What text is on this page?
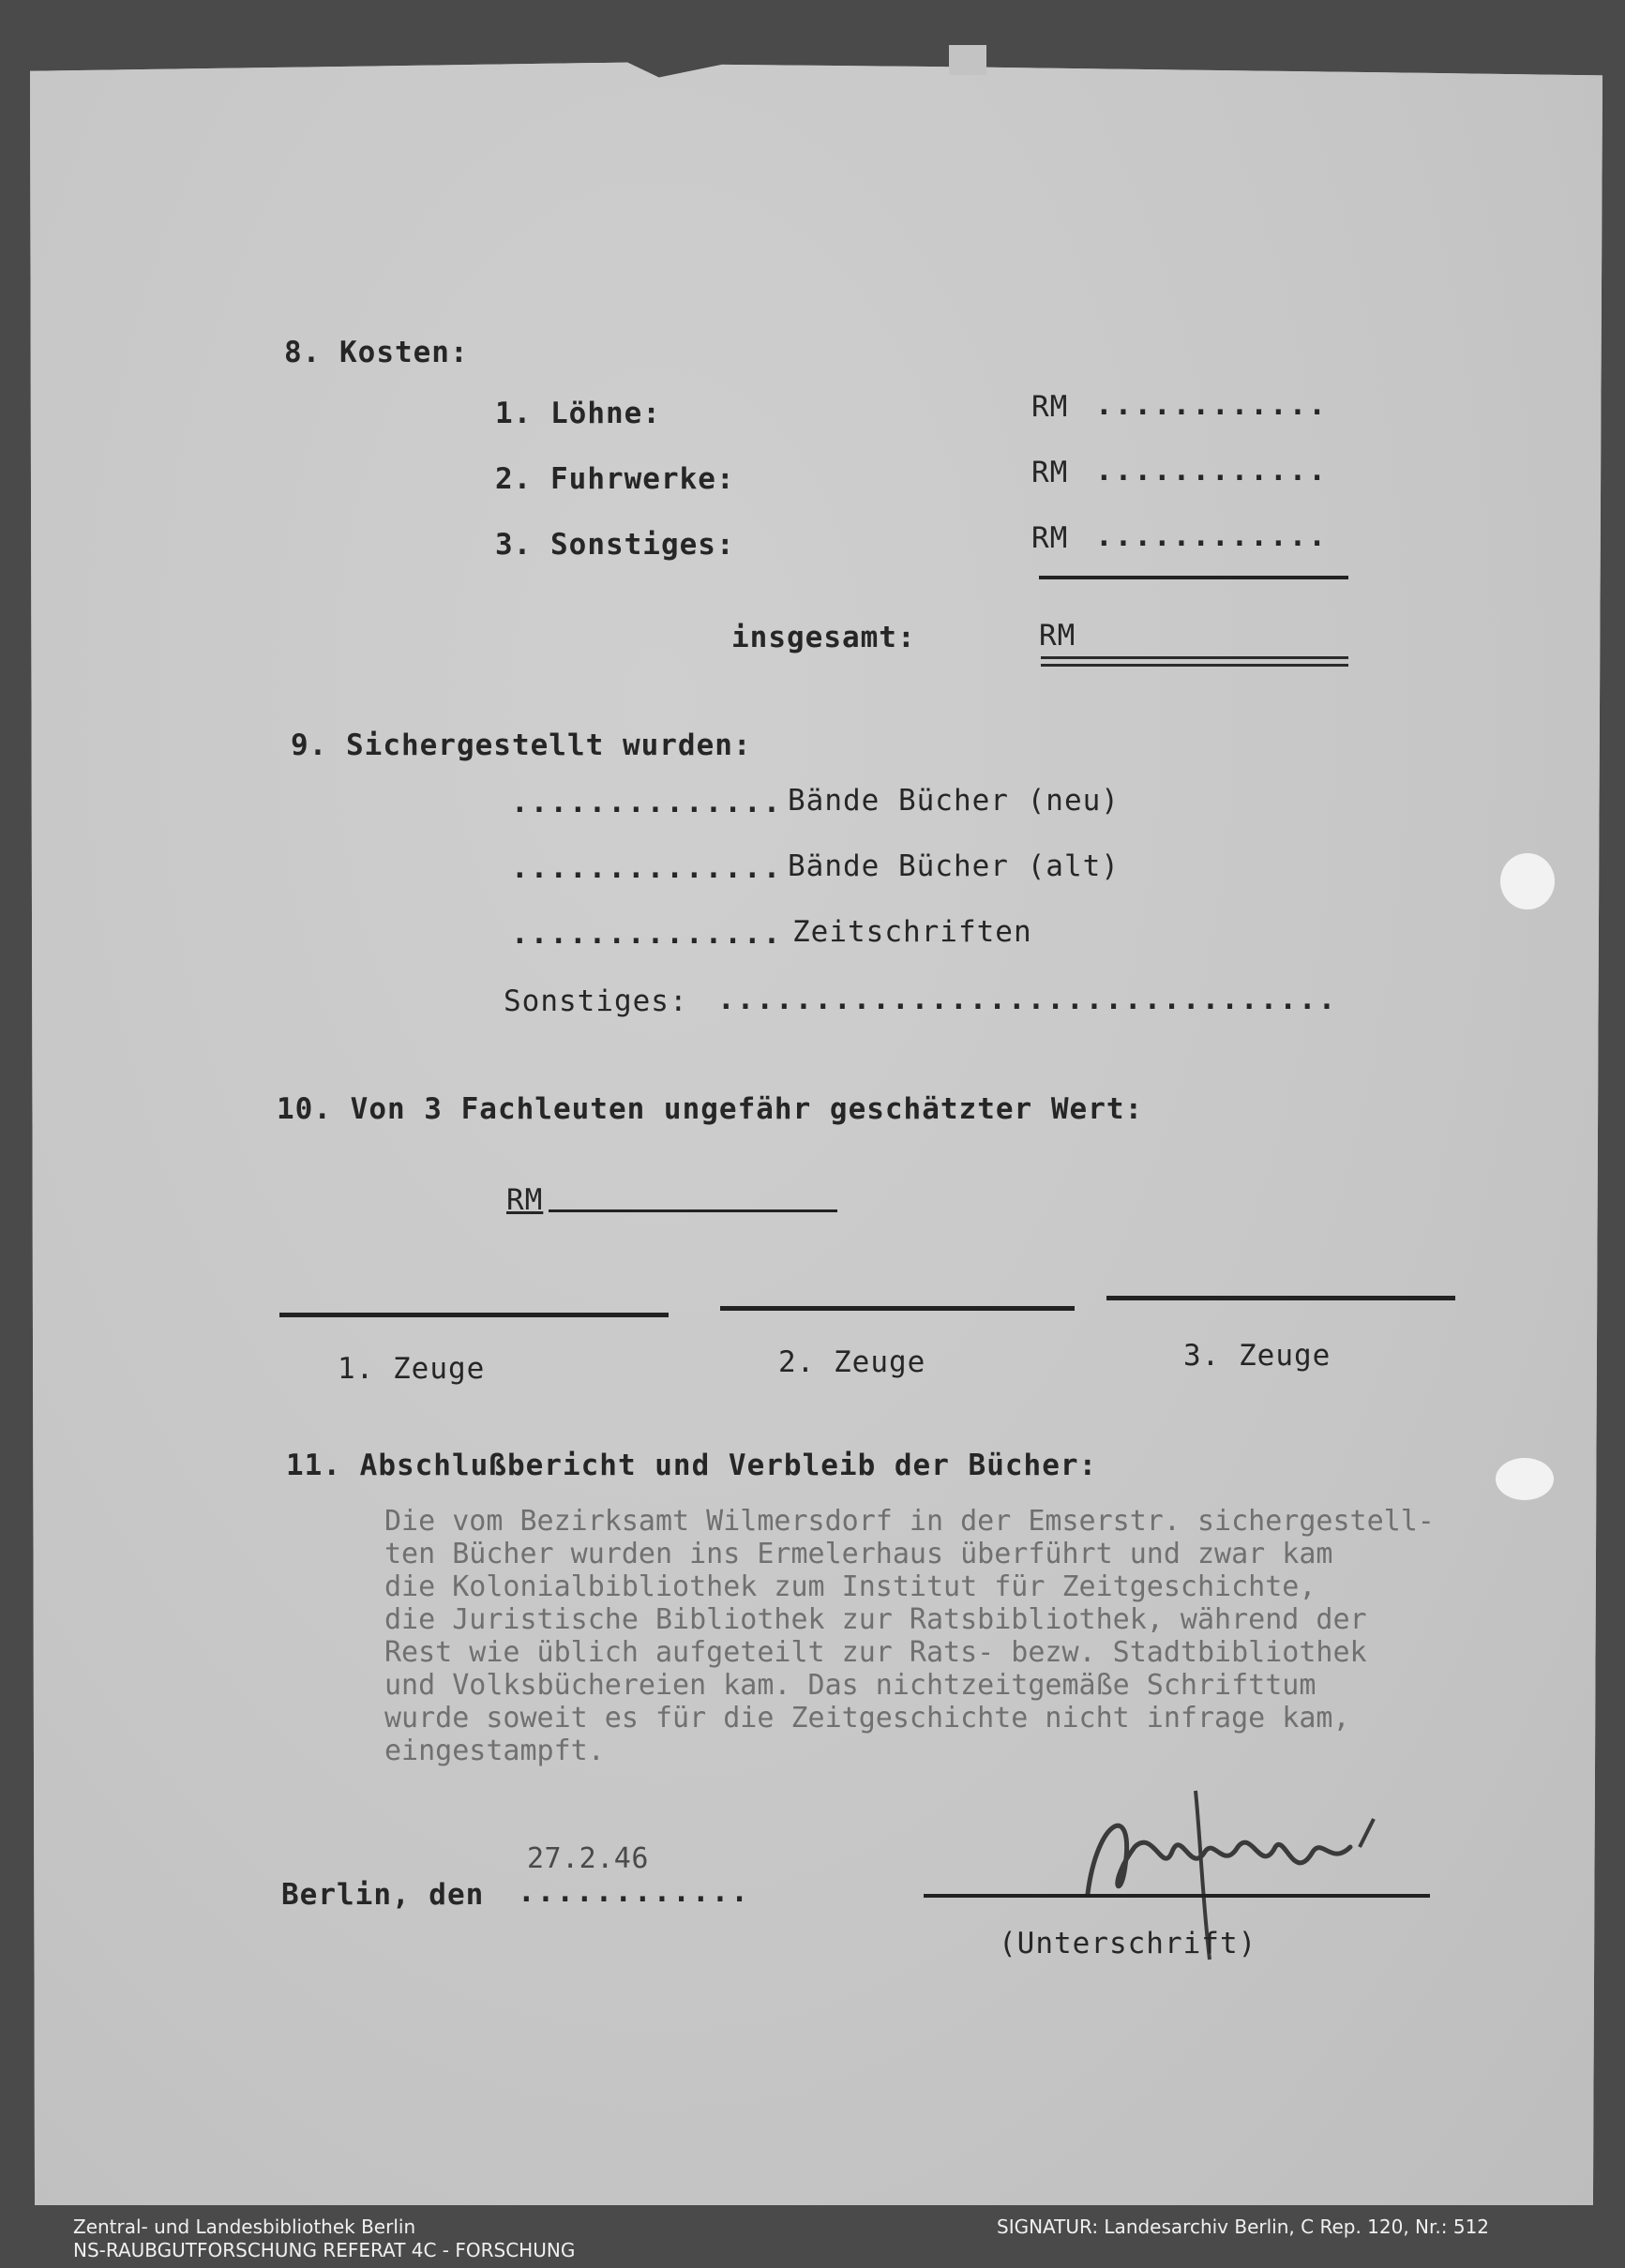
8. Kosten:
1. Löhne:	RM ............
2. Fuhrwerke:	RM ............
3. Sonstiges:	RM ............
insgesamt:	RM
9. Sichergestellt wurden:
.............. Bände Bücher (neu)
.............. Bände Bücher (alt)
.............. Zeitschriften
Sonstiges: ................................
10. Von 3 Fachleuten ungefähr geschätzter Wert:
RM
1. Zeuge	2. Zeuge	3. Zeuge
11. Abschlußbericht und Verbleib der Bücher:
Die vom Bezirksamt Wilmersdorf in der Emserstr. sichergestell-
ten Bücher wurden ins Ermelerhaus überführt und zwar kam
die Kolonialbibliothek zum Institut für Zeitgeschichte,
die Juristische Bibliothek zur Ratsbibliothek, während der
Rest wie üblich aufgeteilt zur Rats- bezw. Stadtbibliothek
und Volksbüchereien kam. Das nichtzeitgemäße Schrifttum
wurde soweit es für die Zeitgeschichte nicht infrage kam,
eingestampft.
27.2.46
Berlin, den ............
(Unterschrift)
Zentral- und Landesbibliothek Berlin
NS-RAUBGUTFORSCHUNG REFERAT 4C - FORSCHUNG
SIGNATUR: Landesarchiv Berlin, C Rep. 120, Nr.: 512
